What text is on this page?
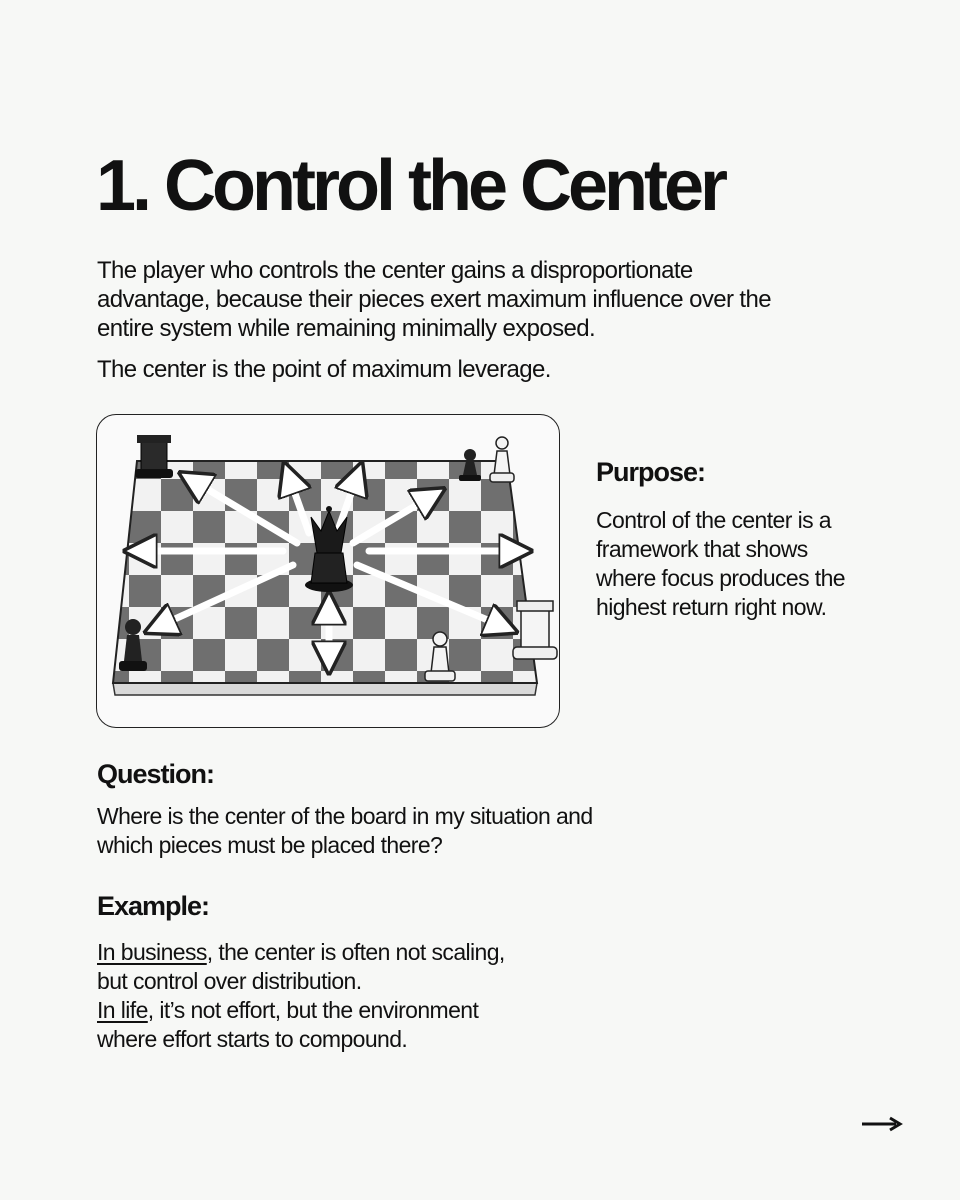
1. Control the Center

The player who controls the center gains a disproportionate advantage, because their pieces exert maximum influence over the entire system while remaining minimally exposed.

The center is the point of maximum leverage.

Purpose:

Control of the center is a framework that shows where focus produces the highest return right now.

Question:

Where is the center of the board in my situation and which pieces must be placed there?

Example:

In business, the center is often not scaling,
but control over distribution.
In life, it’s not effort, but the environment
where effort starts to compound.
